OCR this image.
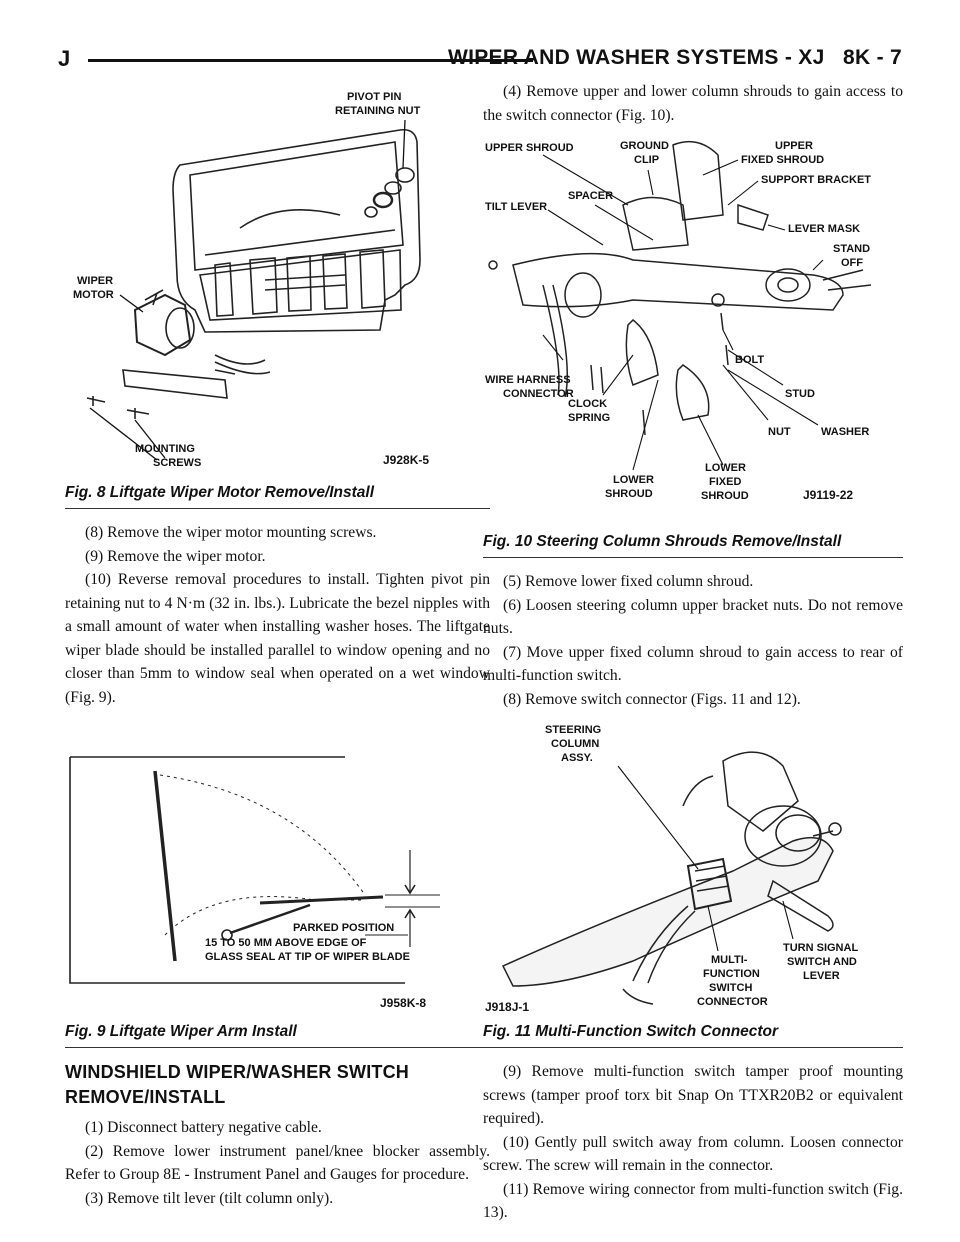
J	WIPER AND WASHER SYSTEMS - XJ 8K - 7
PIVOT PIN
RETAINING NUT
WIPER
MOTOR
MOUNTING
SCREWS	J928K-5
Fig. 8 Liftgate Wiper Motor Remove/Install

(8) Remove the wiper motor mounting screws.

(9) Remove the wiper motor.

(10) Reverse removal procedures to install. Tighten pivot pin retaining nut to 4 N·m (32 in. lbs.). Lubricate the bezel nipples with a small amount of water when installing washer hoses. The liftgate wiper blade should be installed parallel to window opening and no closer than 5mm to window seal when operated on a wet window (Fig. 9).

PARKED POSITION
15 TO 50 MM ABOVE EDGE OF
GLASS SEAL AT TIP OF WIPER BLADE
J958K-8
Fig. 9 Liftgate Wiper Arm Install
WINDSHIELD WIPER/WASHER SWITCH
REMOVE/INSTALL

(1) Disconnect battery negative cable.

(2) Remove lower instrument panel/knee blocker assembly. Refer to Group 8E - Instrument Panel and Gauges for procedure.

(3) Remove tilt lever (tilt column only).

(4) Remove upper and lower column shrouds to gain access to the switch connector (Fig. 10).

UPPER SHROUD	GROUND
CLIP
UPPER
FIXED SHROUD
SUPPORT BRACKET
TILT LEVER
SPACER
LEVER MASK
STAND
OFF
WIRE HARNESS
CONNECTOR
BOLT
CLOCK
SPRING
STUD
NUT	WASHER
LOWER
SHROUD
LOWER
FIXED
SHROUD	J9119-22
Fig. 10 Steering Column Shrouds Remove/Install

(5) Remove lower fixed column shroud.

(6) Loosen steering column upper bracket nuts. Do not remove nuts.

(7) Move upper fixed column shroud to gain access to rear of multi-function switch.

(8) Remove switch connector (Figs. 11 and 12).

STEERING
COLUMN
ASSY.
TURN SIGNAL
SWITCH AND
LEVER
MULTI-
FUNCTION
SWITCH
CONNECTOR
J918J-1
Fig. 11 Multi-Function Switch Connector

(9) Remove multi-function switch tamper proof mounting screws (tamper proof torx bit Snap On TTXR20B2 or equivalent required).

(10) Gently pull switch away from column. Loosen connector screw. The screw will remain in the connector.

(11) Remove wiring connector from multi-function switch (Fig. 13).
